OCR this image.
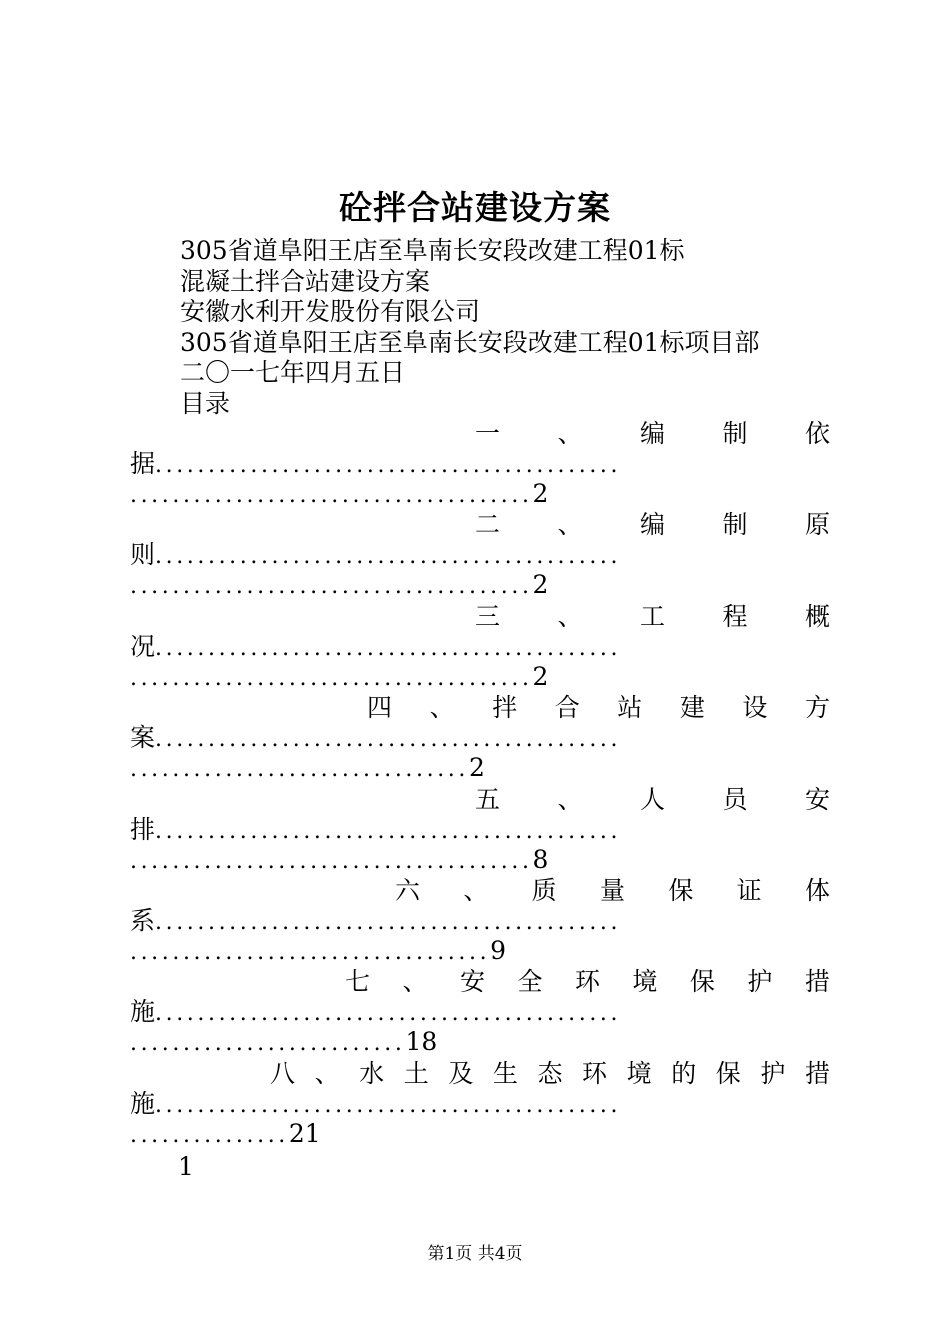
砼拌合站建设方案
305省道阜阳王店至阜南长安段改建工程01标
混凝土拌合站建设方案
安徽水利开发股份有限公司
305省道阜阳王店至阜南长安段改建工程01标项目部
二〇一七年四月五日
目录
一 、 编 制 依
据............................................
......................................2
二 、 编 制 原
则............................................
......................................2
三 、 工 程 概
况............................................
......................................2
四 、 拌 合 站 建 设 方
案............................................
................................2
五 、 人 员 安
排............................................
......................................8
六 、 质 量 保 证 体
系............................................
..................................9
七 、 安 全 环 境 保 护 措
施............................................
..........................18
八 、 水 土 及 生 态 环 境 的 保 护 措
施............................................
...............21
1
第1页 共4页
